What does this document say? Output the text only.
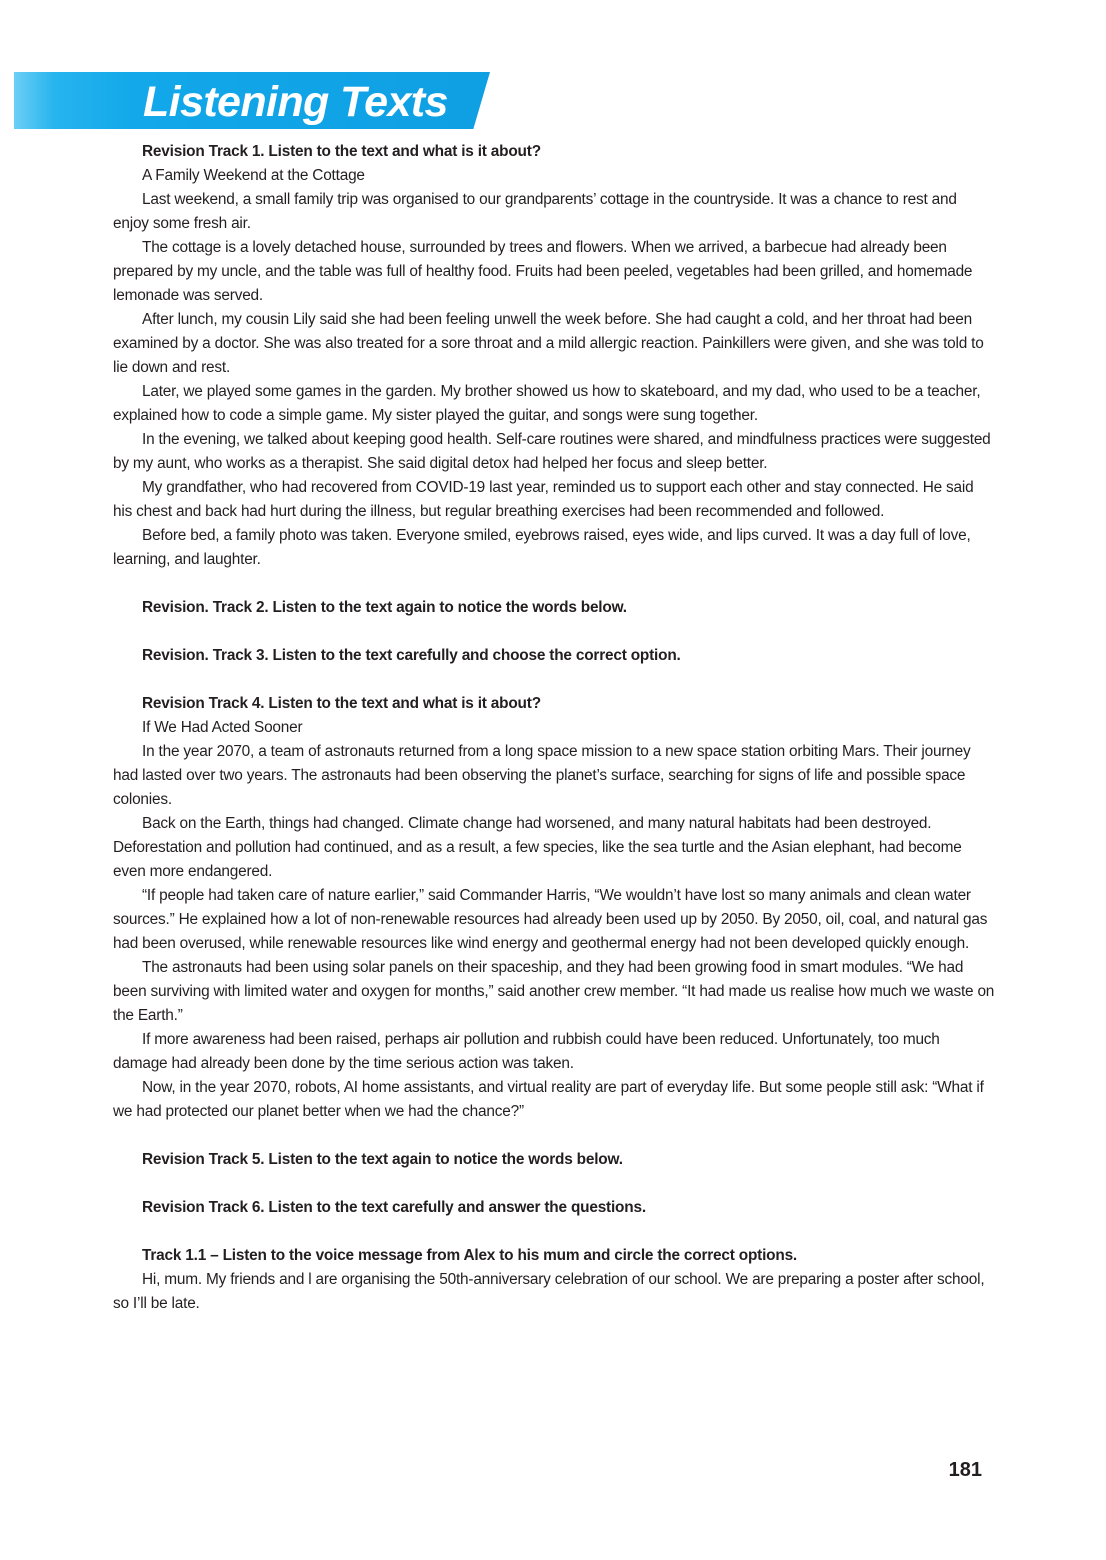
Listening Texts

Revision Track 1. Listen to the text and what is it about?

A Family Weekend at the Cottage

Last weekend, a small family trip was organised to our grandparents’ cottage in the countryside. It was a chance to rest and enjoy some fresh air.

The cottage is a lovely detached house, surrounded by trees and flowers. When we arrived, a barbecue had already been prepared by my uncle, and the table was full of healthy food. Fruits had been peeled, vegetables had been grilled, and homemade lemonade was served.

After lunch, my cousin Lily said she had been feeling unwell the week before. She had caught a cold, and her throat had been examined by a doctor. She was also treated for a sore throat and a mild allergic reaction. Painkillers were given, and she was told to lie down and rest.

Later, we played some games in the garden. My brother showed us how to skateboard, and my dad, who used to be a teacher, explained how to code a simple game. My sister played the guitar, and songs were sung together.

In the evening, we talked about keeping good health. Self-care routines were shared, and mindfulness practices were suggested by my aunt, who works as a therapist. She said digital detox had helped her focus and sleep better.

My grandfather, who had recovered from COVID-19 last year, reminded us to support each other and stay connected. He said his chest and back had hurt during the illness, but regular breathing exercises had been recommended and followed.

Before bed, a family photo was taken. Everyone smiled, eyebrows raised, eyes wide, and lips curved. It was a day full of love, learning, and laughter.

Revision. Track 2. Listen to the text again to notice the words below.

Revision. Track 3. Listen to the text carefully and choose the correct option.

Revision Track 4. Listen to the text and what is it about?

If We Had Acted Sooner

In the year 2070, a team of astronauts returned from a long space mission to a new space station orbiting Mars. Their journey had lasted over two years. The astronauts had been observing the planet’s surface, searching for signs of life and possible space colonies.

Back on the Earth, things had changed. Climate change had worsened, and many natural habitats had been destroyed. Deforestation and pollution had continued, and as a result, a few species, like the sea turtle and the Asian elephant, had become even more endangered.

“If people had taken care of nature earlier,” said Commander Harris, “We wouldn’t have lost so many animals and clean water sources.” He explained how a lot of non-renewable resources had already been used up by 2050. By 2050, oil, coal, and natural gas had been overused, while renewable resources like wind energy and geothermal energy had not been developed quickly enough.

The astronauts had been using solar panels on their spaceship, and they had been growing food in smart modules. “We had been surviving with limited water and oxygen for months,” said another crew member. “It had made us realise how much we waste on the Earth.”

If more awareness had been raised, perhaps air pollution and rubbish could have been reduced. Unfortunately, too much damage had already been done by the time serious action was taken.

Now, in the year 2070, robots, AI home assistants, and virtual reality are part of everyday life. But some people still ask: “What if we had protected our planet better when we had the chance?”

Revision Track 5. Listen to the text again to notice the words below.

Revision Track 6. Listen to the text carefully and answer the questions.

Track 1.1 – Listen to the voice message from Alex to his mum and circle the correct options.

Hi, mum. My friends and l are organising the 50th-anniversary celebration of our school. We are preparing a poster after school, so I’ll be late.

181
